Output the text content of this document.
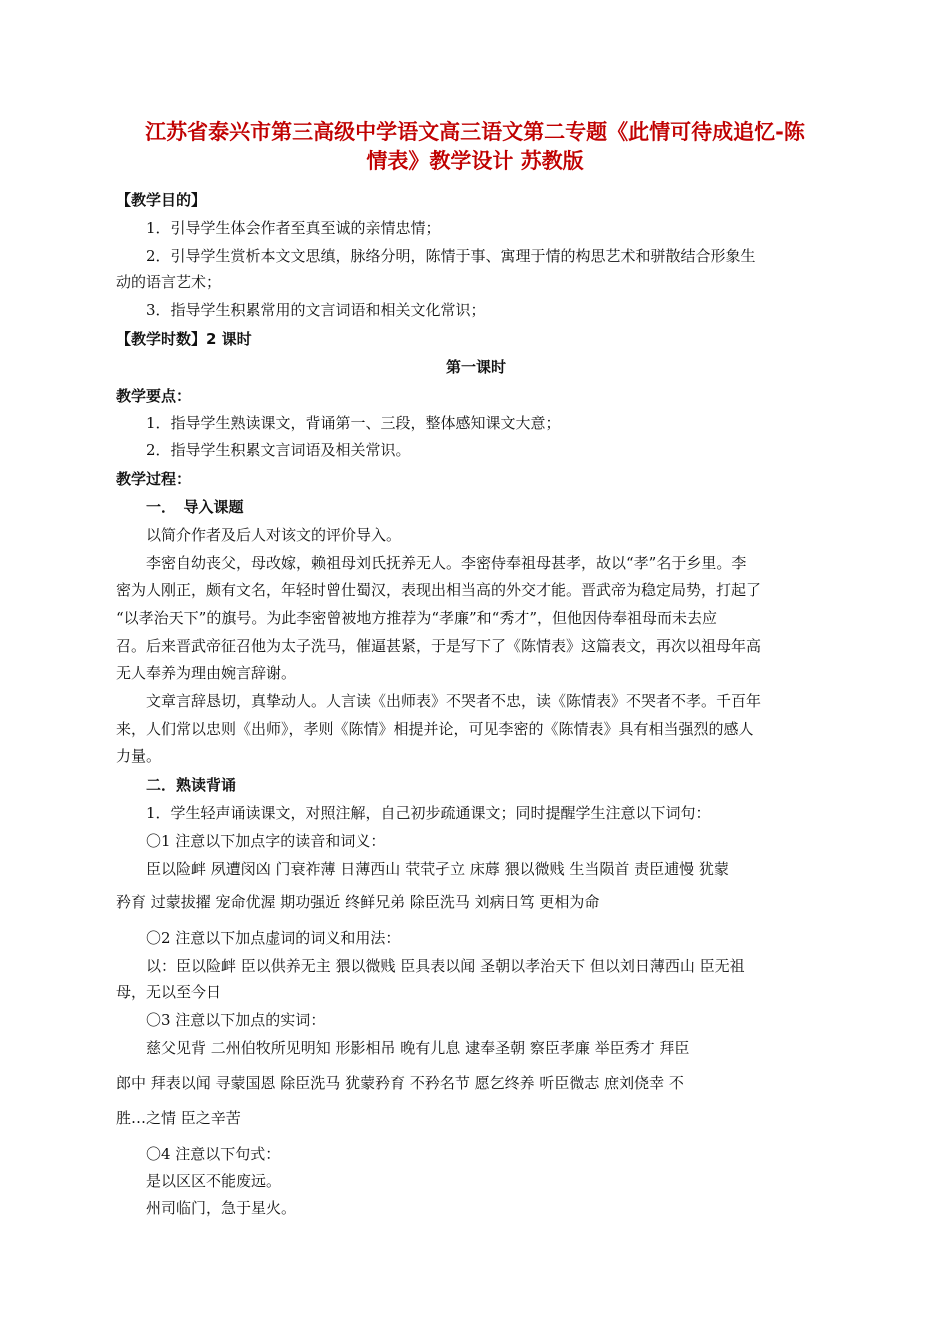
江苏省泰兴市第三高级中学语文高三语文第二专题《此情可待成追忆-陈
情表》教学设计 苏教版
【教学目的】
1．引导学生体会作者至真至诚的亲情忠情；
2．引导学生赏析本文文思缜，脉络分明，陈情于事、寓理于情的构思艺术和骈散结合形象生
动的语言艺术；
3．指导学生积累常用的文言词语和相关文化常识；
【教学时数】2 课时
第一课时
教学要点：
1．指导学生熟读课文，背诵第一、三段，整体感知课文大意；
2．指导学生积累文言词语及相关常识。
教学过程：
一．　导入课题
以简介作者及后人对该文的评价导入。
李密自幼丧父，母改嫁，赖祖母刘氏抚养无人。李密侍奉祖母甚孝，故以“孝”名于乡里。李
密为人刚正，颇有文名，年轻时曾仕蜀汉，表现出相当高的外交才能。晋武帝为稳定局势，打起了
“以孝治天下”的旗号。为此李密曾被地方推荐为“孝廉”和“秀才”，但他因侍奉祖母而未去应
召。后来晋武帝征召他为太子洗马，催逼甚紧，于是写下了《陈情表》这篇表文，再次以祖母年高
无人奉养为理由婉言辞谢。
文章言辞恳切，真挚动人。人言读《出师表》不哭者不忠，读《陈情表》不哭者不孝。千百年
来，人们常以忠则《出师》，孝则《陈情》相提并论，可见李密的《陈情表》具有相当强烈的感人
力量。
二．熟读背诵
1．学生轻声诵读课文，对照注解，自己初步疏通课文；同时提醒学生注意以下词句：
〇1 注意以下加点字的读音和词义：
臣以险衅 夙遭闵凶 门衰祚薄 日薄西山 茕茕孑立 床蓐 猥以微贱 生当陨首 责臣逋慢 犹蒙
矜育 过蒙拔擢 宠命优渥 期功强近 终鲜兄弟 除臣洗马 刘病日笃 更相为命
〇2 注意以下加点虚词的词义和用法：
以：臣以险衅 臣以供养无主 猥以微贱 臣具表以闻 圣朝以孝治天下 但以刘日薄西山 臣无祖
母，无以至今日
〇3 注意以下加点的实词：
慈父见背 二州伯牧所见明知 形影相吊 晚有儿息 逮奉圣朝 察臣孝廉 举臣秀才 拜臣
郎中 拜表以闻 寻蒙国恩 除臣洗马 犹蒙矜育 不矜名节 愿乞终养 听臣微志 庶刘侥幸 不
胜…之情 臣之辛苦
〇4 注意以下句式：
是以区区不能废远。
州司临门，急于星火。
